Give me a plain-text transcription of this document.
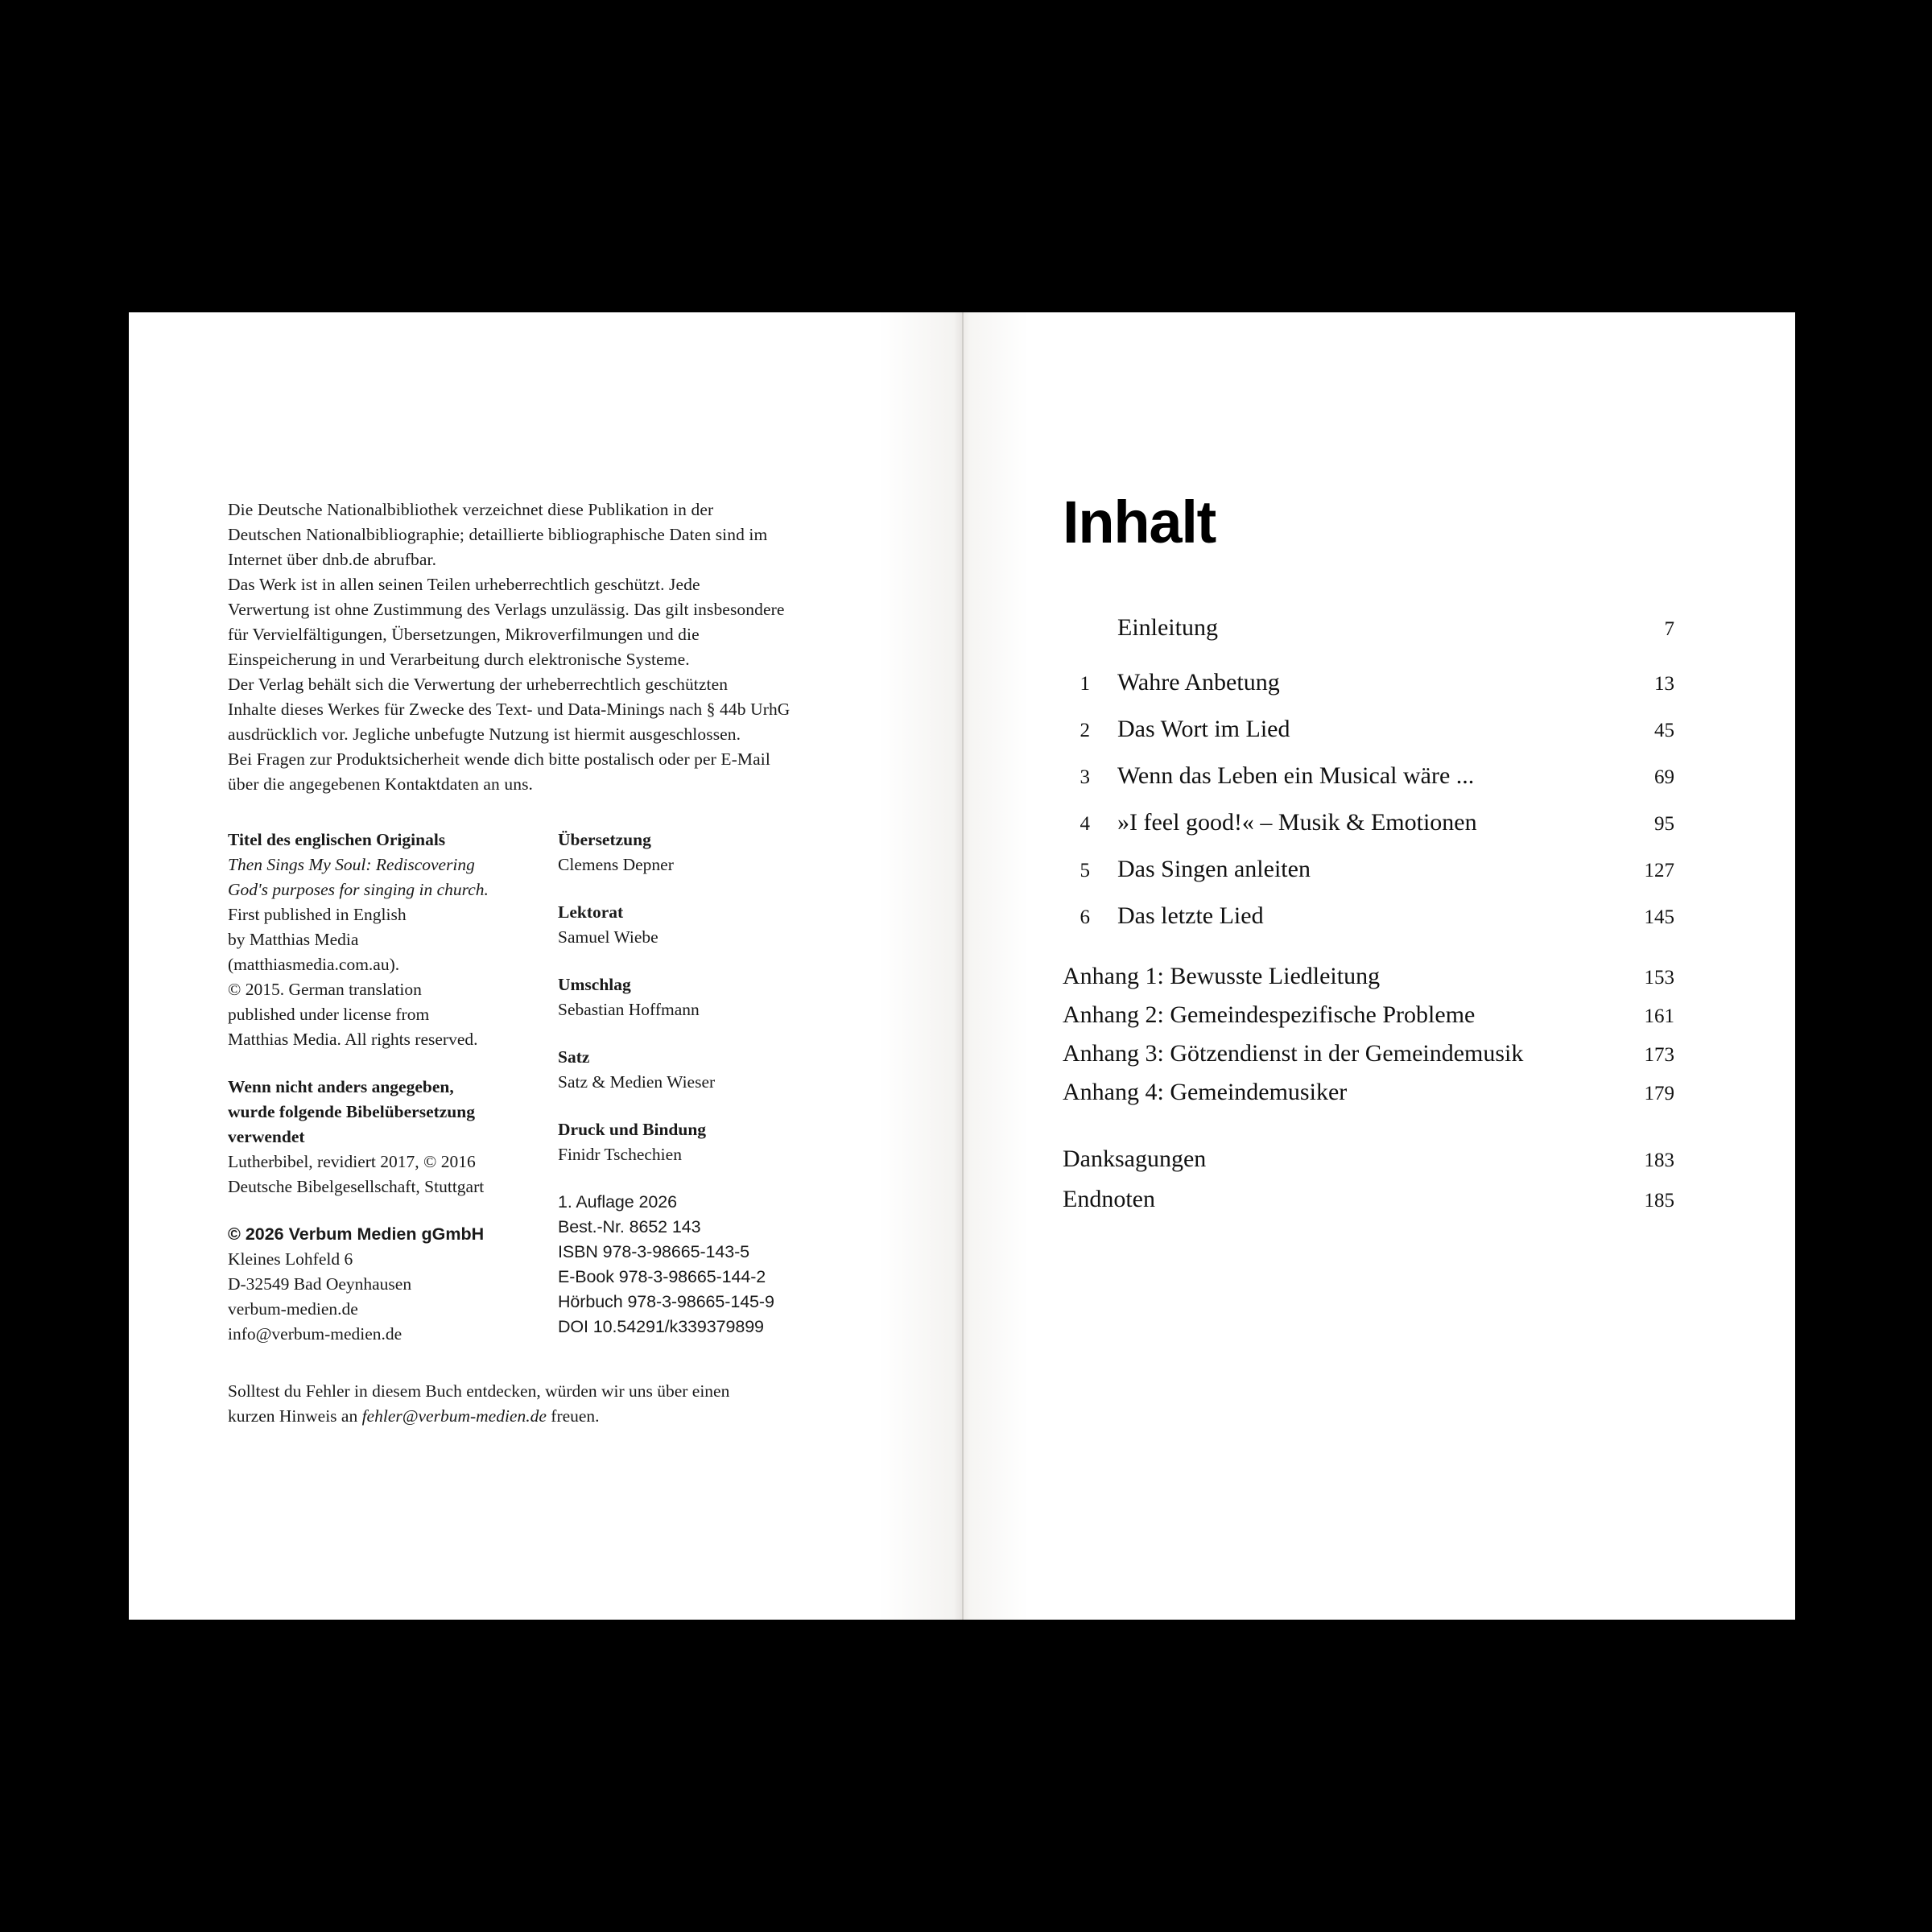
Die Deutsche Nationalbibliothek verzeichnet diese Publikation in der

Deutschen Nationalbibliographie; detaillierte bibliographische Daten sind im

Internet über dnb.de abrufbar.

Das Werk ist in allen seinen Teilen urheberrechtlich geschützt. Jede

Verwertung ist ohne Zustimmung des Verlags unzulässig. Das gilt insbesondere

für Vervielfältigungen, Übersetzungen, Mikroverfilmungen und die

Einspeicherung in und Verarbeitung durch elektronische Systeme.

Der Verlag behält sich die Verwertung der urheberrechtlich geschützten

Inhalte dieses Werkes für Zwecke des Text- und Data-Minings nach § 44b UrhG

ausdrücklich vor. Jegliche unbefugte Nutzung ist hiermit ausgeschlossen.

Bei Fragen zur Produktsicherheit wende dich bitte postalisch oder per E-Mail

über die angegebenen Kontaktdaten an uns.

Titel des englischen Originals

Then Sings My Soul: Rediscovering

God's purposes for singing in church.

First published in English

by Matthias Media

(matthiasmedia.com.au).

© 2015. German translation

published under license from

Matthias Media. All rights reserved.

Wenn nicht anders angegeben,

wurde folgende Bibelübersetzung

verwendet

Lutherbibel, revidiert 2017, © 2016

Deutsche Bibelgesellschaft, Stuttgart

© 2026 Verbum Medien gGmbH

Kleines Lohfeld 6

D-32549 Bad Oeynhausen

verbum-medien.de

info@verbum-medien.de

Übersetzung

Clemens Depner

Lektorat

Samuel Wiebe

Umschlag

Sebastian Hoffmann

Satz

Satz & Medien Wieser

Druck und Bindung

Finidr Tschechien

1. Auflage 2026

Best.-Nr. 8652 143

ISBN 978-3-98665-143-5

E-Book 978-3-98665-144-2

Hörbuch 978-3-98665-145-9

DOI 10.54291/k339379899

Solltest du Fehler in diesem Buch entdecken, würden wir uns über einen

kurzen Hinweis an fehler@verbum-medien.de freuen.

Inhalt
Einleitung	7
1	Wahre Anbetung	13
2	Das Wort im Lied	45
3	Wenn das Leben ein Musical wäre ...	69
4	»I feel good!« – Musik & Emotionen	95
5	Das Singen anleiten	127
6	Das letzte Lied	145
Anhang 1: Bewusste Liedleitung	153
Anhang 2: Gemeindespezifische Probleme	161
Anhang 3: Götzendienst in der Gemeindemusik	173
Anhang 4: Gemeindemusiker	179
Danksagungen	183
Endnoten	185
